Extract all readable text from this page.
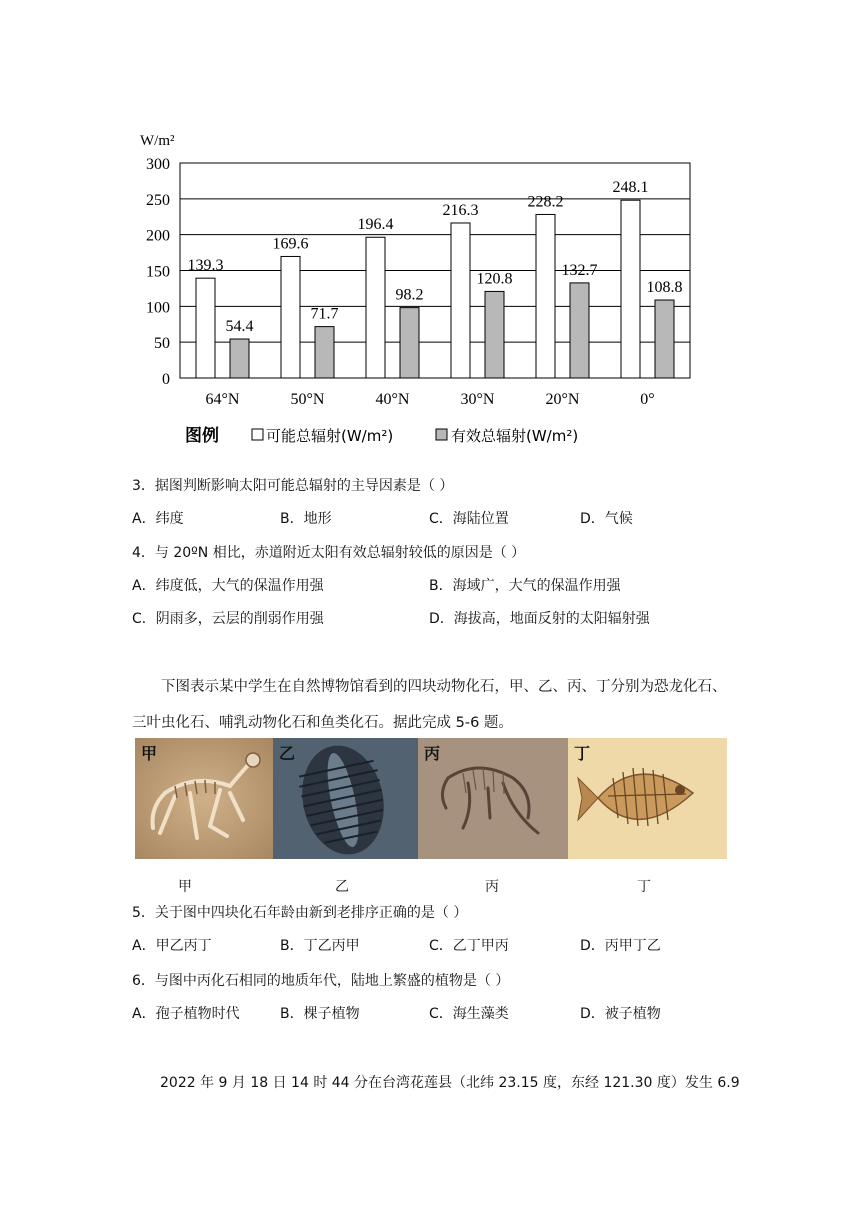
0
50
100
150
200
250
300
W/m²
64°N
139.3
54.4
50°N
169.6
71.7
40°N
196.4
98.2
30°N
216.3
120.8
20°N
228.2
132.7
0°
248.1
108.8
图例	可能总辐射(W/m²)	有效总辐射(W/m²)
3．据图判断影响太阳可能总辐射的主导因素是（ ）
A．纬度	B．地形	C．海陆位置	D．气候
4．与 20ºN 相比，赤道附近太阳有效总辐射较低的原因是（ ）
A．纬度低，大气的保温作用强	B．海域广，大气的保温作用强
C．阴雨多，云层的削弱作用强	D．海拔高，地面反射的太阳辐射强

下图表示某中学生在自然博物馆看到的四块动物化石，甲、乙、丙、丁分别为恐龙化石、

三叶虫化石、哺乳动物化石和鱼类化石。据此完成 5-6 题。

甲	乙	丙	丁
甲	乙	丙	丁
5．关于图中四块化石年龄由新到老排序正确的是（ ）
A．甲乙丙丁	B．丁乙丙甲	C．乙丁甲丙	D．丙甲丁乙
6．与图中丙化石相同的地质年代，陆地上繁盛的植物是（ ）
A．孢子植物时代	B．棵子植物	C．海生藻类	D．被子植物
2022 年 9 月 18 日 14 时 44 分在台湾花莲县（北纬 23.15 度，东经 121.30 度）发生 6.9
